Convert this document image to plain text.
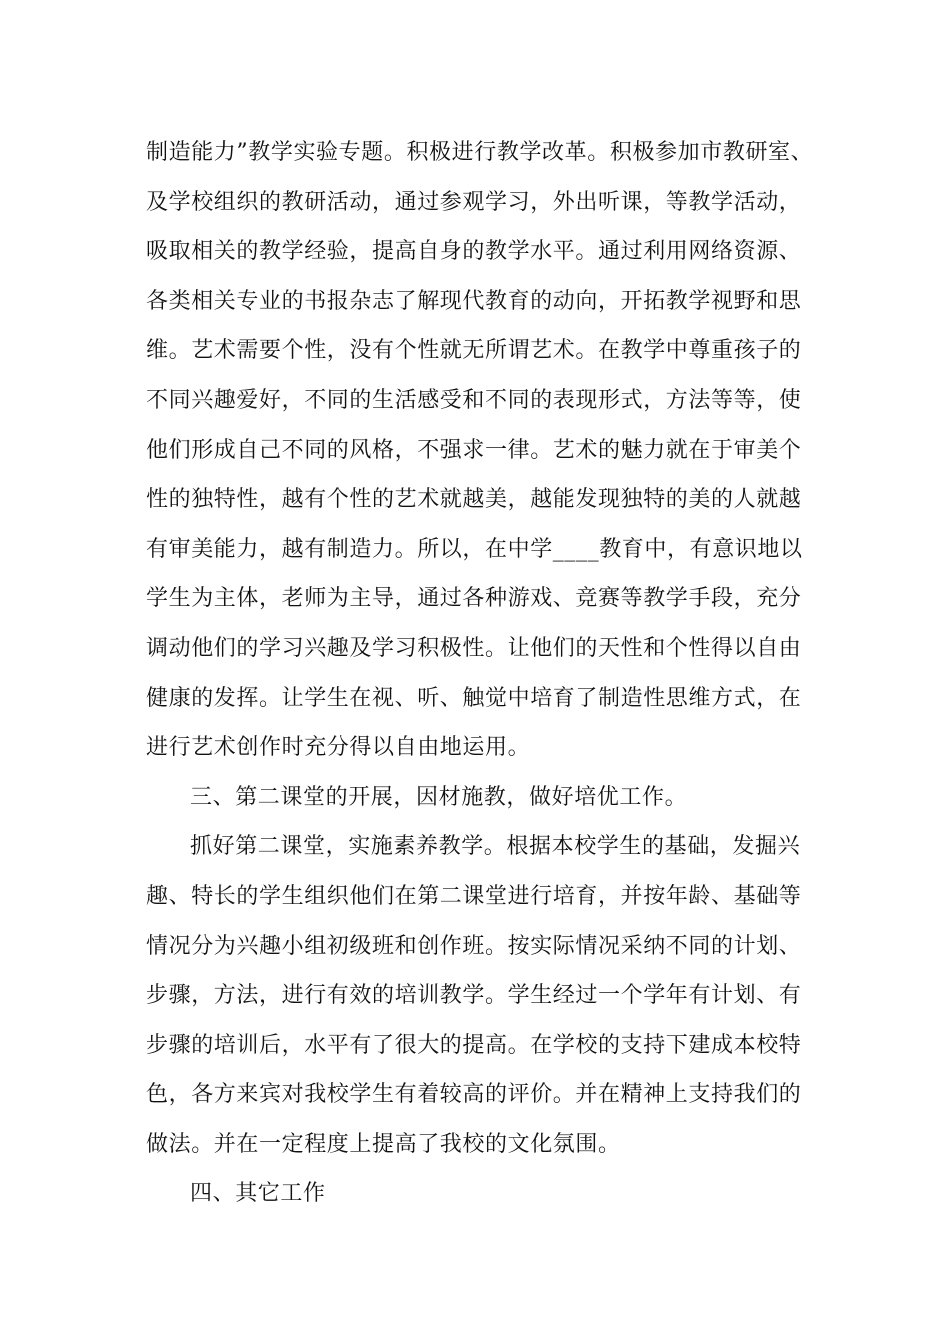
制造能力”教学实验专题。积极进行教学改革。积极参加市教研室、
及学校组织的教研活动，通过参观学习，外出听课，等教学活动，
吸取相关的教学经验，提高自身的教学水平。通过利用网络资源、
各类相关专业的书报杂志了解现代教育的动向，开拓教学视野和思
维。艺术需要个性，没有个性就无所谓艺术。在教学中尊重孩子的
不同兴趣爱好，不同的生活感受和不同的表现形式，方法等等，使
他们形成自己不同的风格，不强求一律。艺术的魅力就在于审美个
性的独特性，越有个性的艺术就越美，越能发现独特的美的人就越
有审美能力，越有制造力。所以，在中学____教育中，有意识地以
学生为主体，老师为主导，通过各种游戏、竞赛等教学手段，充分
调动他们的学习兴趣及学习积极性。让他们的天性和个性得以自由
健康的发挥。让学生在视、听、触觉中培育了制造性思维方式，在
进行艺术创作时充分得以自由地运用。
三、第二课堂的开展，因材施教，做好培优工作。
抓好第二课堂，实施素养教学。根据本校学生的基础，发掘兴
趣、特长的学生组织他们在第二课堂进行培育，并按年龄、基础等
情况分为兴趣小组初级班和创作班。按实际情况采纳不同的计划、
步骤，方法，进行有效的培训教学。学生经过一个学年有计划、有
步骤的培训后，水平有了很大的提高。在学校的支持下建成本校特
色，各方来宾对我校学生有着较高的评价。并在精神上支持我们的
做法。并在一定程度上提高了我校的文化氛围。
四、其它工作
